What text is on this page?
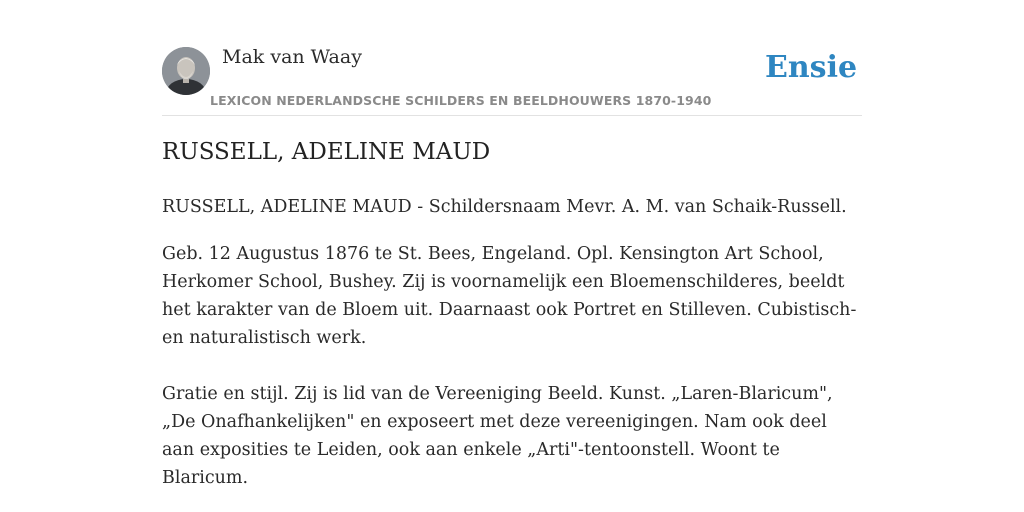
Mak van Waay
LEXICON NEDERLANDSCHE SCHILDERS EN BEELDHOUWERS 1870-1940
Ensie
RUSSELL, ADELINE MAUD

RUSSELL, ADELINE MAUD - Schildersnaam Mevr. A. M. van Schaik-Russell.

Geb. 12 Augustus 1876 te St. Bees, Engeland. Opl. Kensington Art School, Herkomer School, Bushey. Zij is voornamelijk een Bloemenschilderes, beeldt het karakter van de Bloem uit. Daarnaast ook Portret en Stilleven. Cubistisch- en naturalistisch werk.

Gratie en stijl. Zij is lid van de Vereeniging Beeld. Kunst. „Laren-Blaricum", „De Onafhankelijken" en exposeert met deze vereenigingen. Nam ook deel aan exposities te Leiden, ook aan enkele „Arti"-tentoonstell. Woont te Blaricum.
